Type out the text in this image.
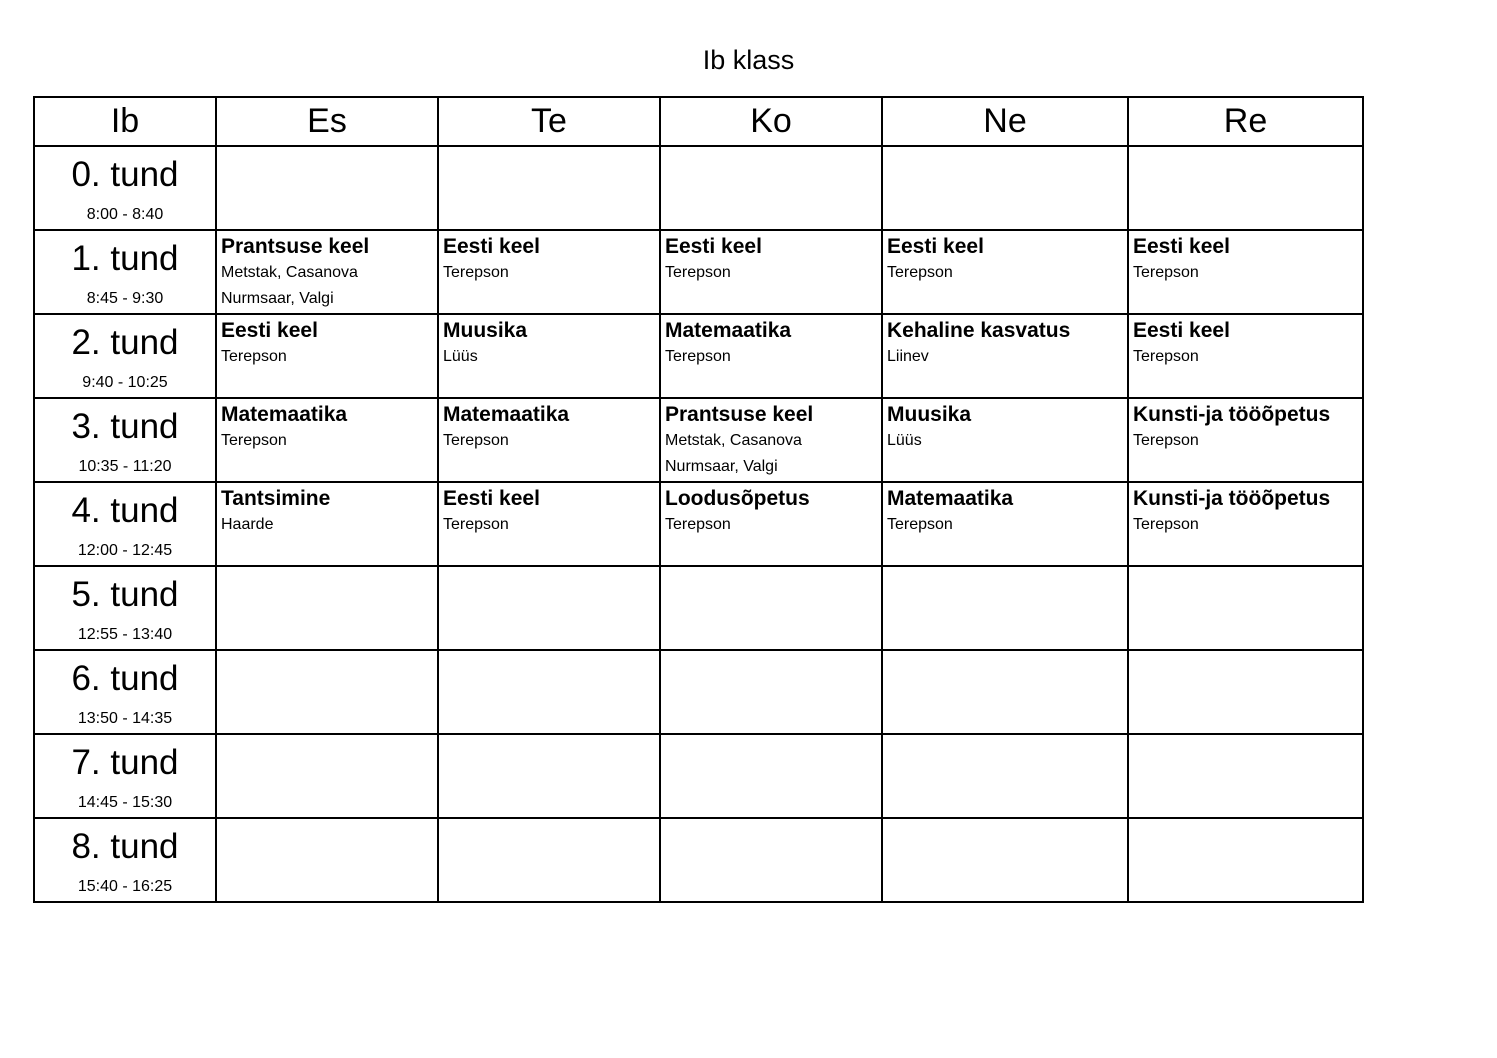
Ib klass
Ib	Es	Te	Ko	Ne	Re

0. tund
8:00 - 8:40					

1. tund
8:45 - 9:30	Prantsuse keel
Metstak, Casanova
Nurmsaar, Valgi	Eesti keel
Terepson	Eesti keel
Terepson	Eesti keel
Terepson	Eesti keel
Terepson

2. tund
9:40 - 10:25	Eesti keel
Terepson	Muusika
Lüüs	Matemaatika
Terepson	Kehaline kasvatus
Liinev	Eesti keel
Terepson

3. tund
10:35 - 11:20	Matemaatika
Terepson	Matemaatika
Terepson	Prantsuse keel
Metstak, Casanova
Nurmsaar, Valgi	Muusika
Lüüs	Kunsti-ja tööõpetus
Terepson

4. tund
12:00 - 12:45	Tantsimine
Haarde	Eesti keel
Terepson	Loodusõpetus
Terepson	Matemaatika
Terepson	Kunsti-ja tööõpetus
Terepson

5. tund
12:55 - 13:40					

6. tund
13:50 - 14:35					

7. tund
14:45 - 15:30					

8. tund
15:40 - 16:25					
